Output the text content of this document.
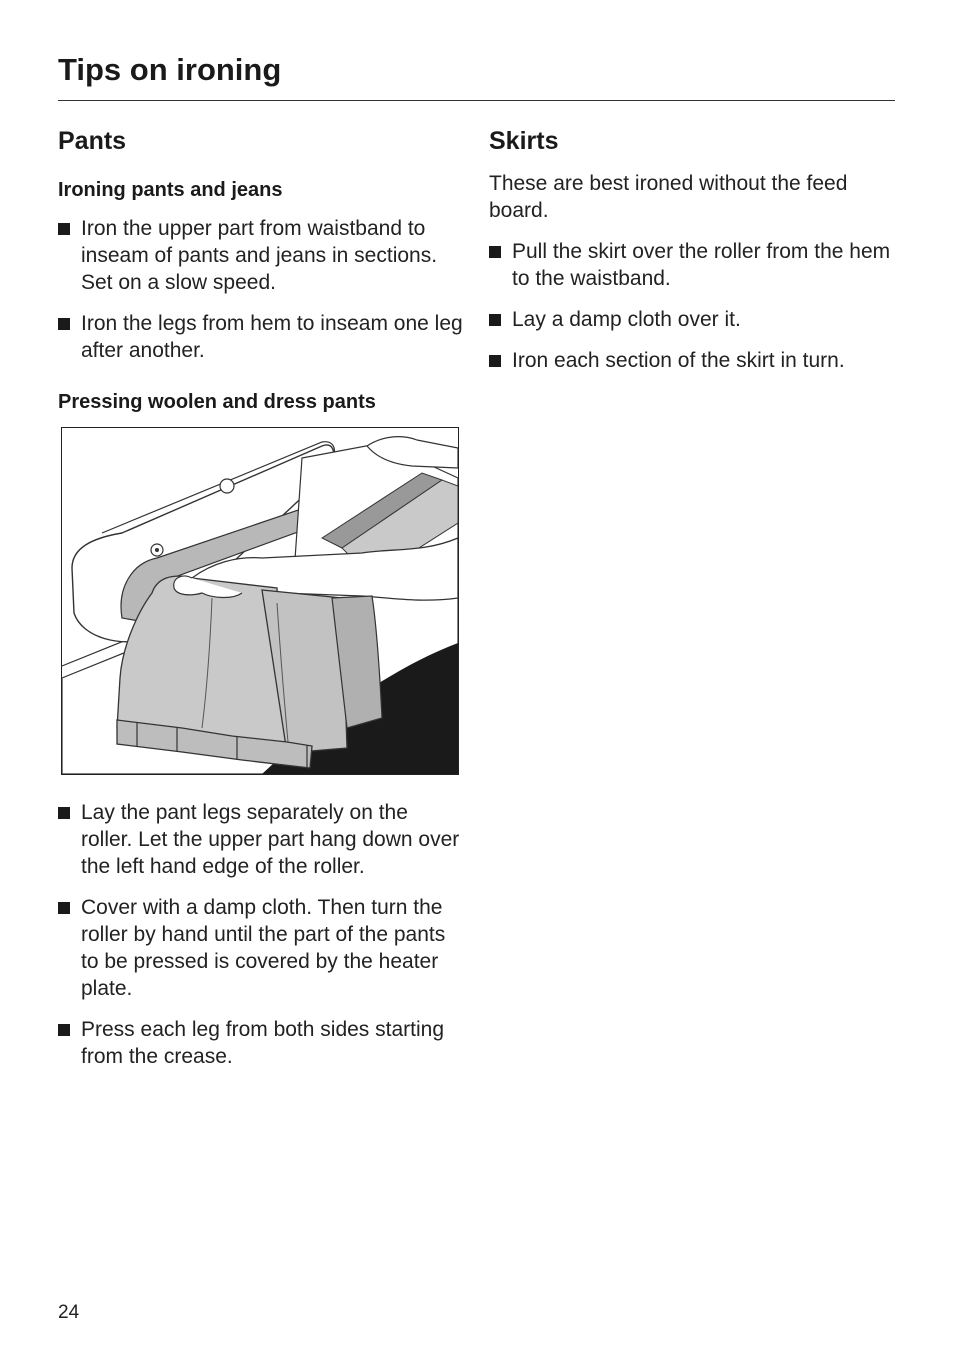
Tips on ironing
Pants
Ironing pants and jeans
Iron the upper part from waistband to inseam of pants and jeans in sections. Set on a slow speed.
Iron the legs from hem to inseam one leg after another.
Pressing woolen and dress pants
Lay the pant legs separately on the roller. Let the upper part hang down over the left hand edge of the roller.
Cover with a damp cloth. Then turn the roller by hand until the part of the pants to be pressed is covered by the heater plate.
Press each leg from both sides starting from the crease.
Skirts

These are best ironed without the feed board.

Pull the skirt over the roller from the hem to the waistband.
Lay a damp cloth over it.
Iron each section of the skirt in turn.
24
